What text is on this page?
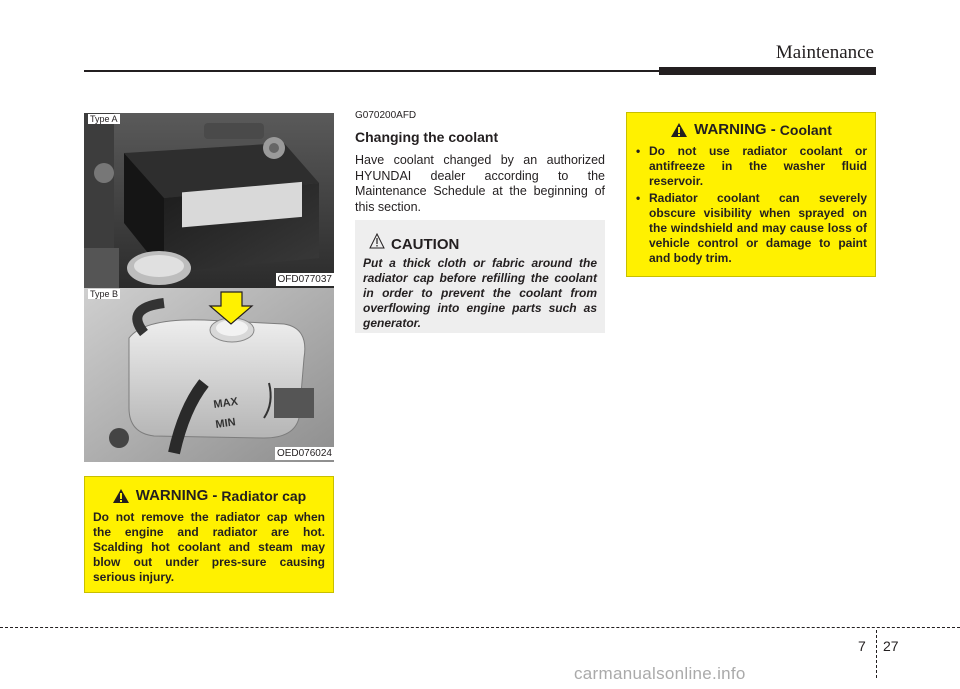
Maintenance
Type A
OFD077037
MAX
MIN
Type B
OED076024
WARNING - Radiator cap
Do not remove the radiator cap when the engine and radiator are hot. Scalding hot coolant and steam may blow out under pres-sure causing serious injury.
G070200AFD
Changing the coolant
Have coolant changed by an authorized HYUNDAI dealer according to the Maintenance Schedule at the beginning of this section.
CAUTION
Put a thick cloth or fabric around the radiator cap before refilling the coolant in order to prevent the coolant from overflowing into engine parts such as generator.
WARNING - Coolant
• Do not use radiator coolant or antifreeze in the washer fluid reservoir.
• Radiator coolant can severely obscure visibility when sprayed on the windshield and may cause loss of vehicle control or damage to paint and body trim.
7 27
carmanualsonline.info
